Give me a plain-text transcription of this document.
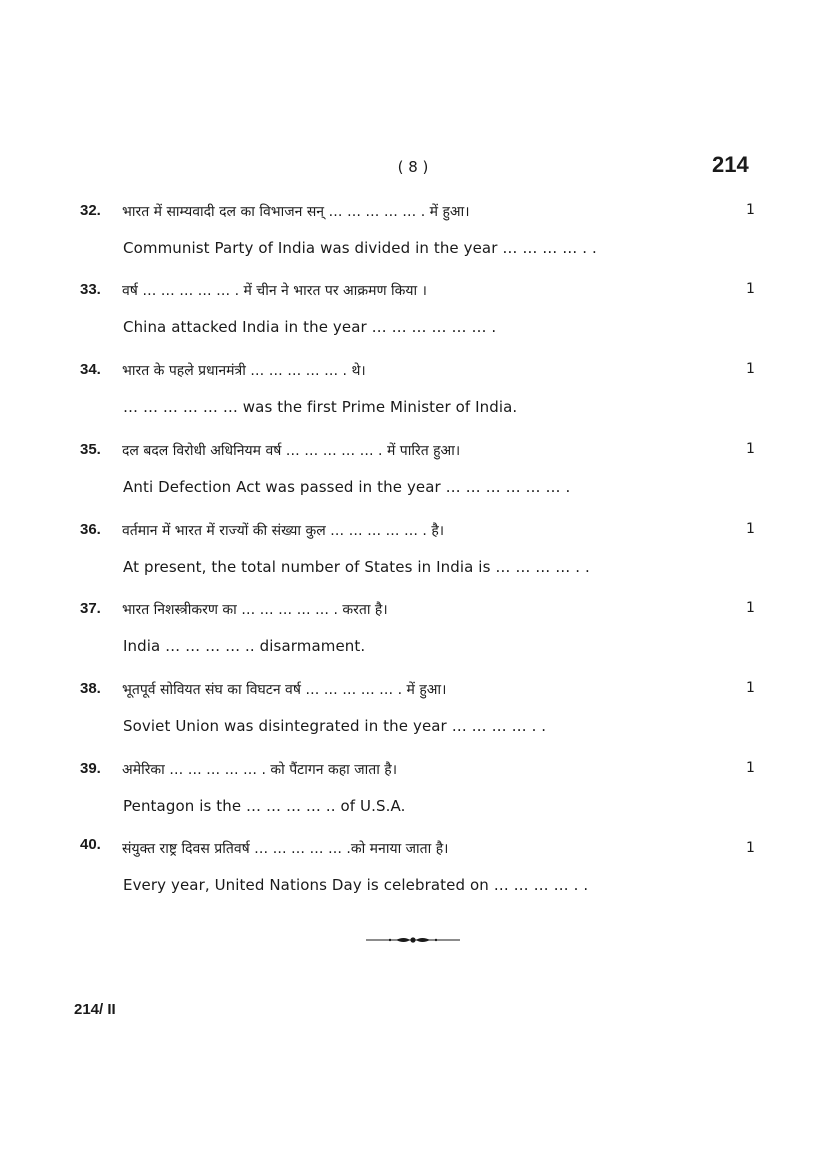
( 8 )	214
32. भारत में साम्यवादी दल का विभाजन सन् … … … … … . में हुआ।
Communist Party of India was divided in the year … … … … . .
1
33. वर्ष … … … … … . में चीन ने भारत पर आक्रमण किया ।
China attacked India in the year … … … … … … .
1
34. भारत के पहले प्रधानमंत्री … … … … … . थे।
… … … … … … was the first Prime Minister of India.
1
35. दल बदल विरोधी अधिनियम वर्ष … … … … … . में पारित हुआ।
Anti Defection Act was passed in the year … … … … … … .
1
36. वर्तमान में भारत में राज्यों की संख्या कुल … … … … … . है।
At present, the total number of States in India is … … … … . .
1
37. भारत निशस्त्रीकरण का … … … … … . करता है।
India … … … … .. disarmament.
1
38. भूतपूर्व सोवियत संघ का विघटन वर्ष … … … … … . में हुआ।
Soviet Union was disintegrated in the year … … … … . .
1
39. अमेरिका … … … … … . को पैंटागन कहा जाता है।
Pentagon is the … … … … .. of U.S.A.
1
40. संयुक्त राष्ट्र दिवस प्रतिवर्ष … … … … … .को मनाया जाता है।
Every year, United Nations Day is celebrated on … … … … . .
1
214/ II
